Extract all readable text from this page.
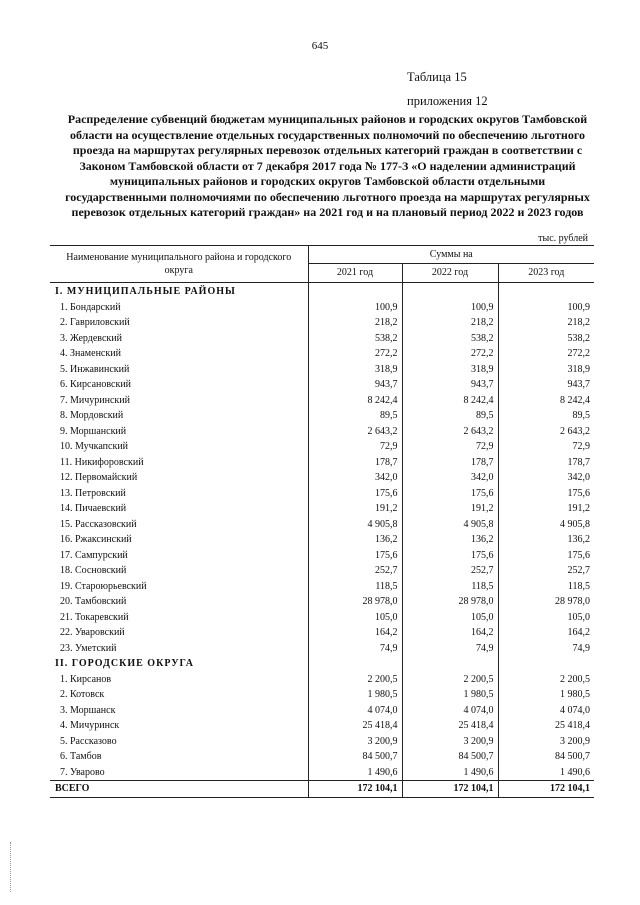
645
Таблица 15
приложения 12
Распределение субвенций бюджетам муниципальных районов и городских округов Тамбовской области на осуществление отдельных государственных полномочий по обеспечению льготного проезда на маршрутах регулярных перевозок отдельных категорий граждан в соответствии с Законом Тамбовской области от 7 декабря 2017 года № 177-З «О наделении администраций муниципальных районов и городских округов Тамбовской области отдельными государственными полномочиями по обеспечению льготного проезда на маршрутах регулярных перевозок отдельных категорий граждан» на 2021 год и на плановый период 2022 и 2023 годов
тыс. рублей
Наименование муниципального района и городского округа	Суммы на		
	2021 год	2022 год	2023 год
I. МУНИЦИПАЛЬНЫЕ РАЙОНЫ			
1. Бондарский	100,9	100,9	100,9
2. Гавриловский	218,2	218,2	218,2
3. Жердевский	538,2	538,2	538,2
4. Знаменский	272,2	272,2	272,2
5. Инжавинский	318,9	318,9	318,9
6. Кирсановский	943,7	943,7	943,7
7. Мичуринский	8 242,4	8 242,4	8 242,4
8. Мордовский	89,5	89,5	89,5
9. Моршанский	2 643,2	2 643,2	2 643,2
10. Мучкапский	72,9	72,9	72,9
11. Никифоровский	178,7	178,7	178,7
12. Первомайский	342,0	342,0	342,0
13. Петровский	175,6	175,6	175,6
14. Пичаевский	191,2	191,2	191,2
15. Рассказовский	4 905,8	4 905,8	4 905,8
16. Ржаксинский	136,2	136,2	136,2
17. Сампурский	175,6	175,6	175,6
18. Сосновский	252,7	252,7	252,7
19. Староюрьевский	118,5	118,5	118,5
20. Тамбовский	28 978,0	28 978,0	28 978,0
21. Токаревский	105,0	105,0	105,0
22. Уваровский	164,2	164,2	164,2
23. Уметский	74,9	74,9	74,9
II. ГОРОДСКИЕ ОКРУГА			
1. Кирсанов	2 200,5	2 200,5	2 200,5
2. Котовск	1 980,5	1 980,5	1 980,5
3. Моршанск	4 074,0	4 074,0	4 074,0
4. Мичуринск	25 418,4	25 418,4	25 418,4
5. Рассказово	3 200,9	3 200,9	3 200,9
6. Тамбов	84 500,7	84 500,7	84 500,7
7. Уварово	1 490,6	1 490,6	1 490,6
ВСЕГО	172 104,1	172 104,1	172 104,1
